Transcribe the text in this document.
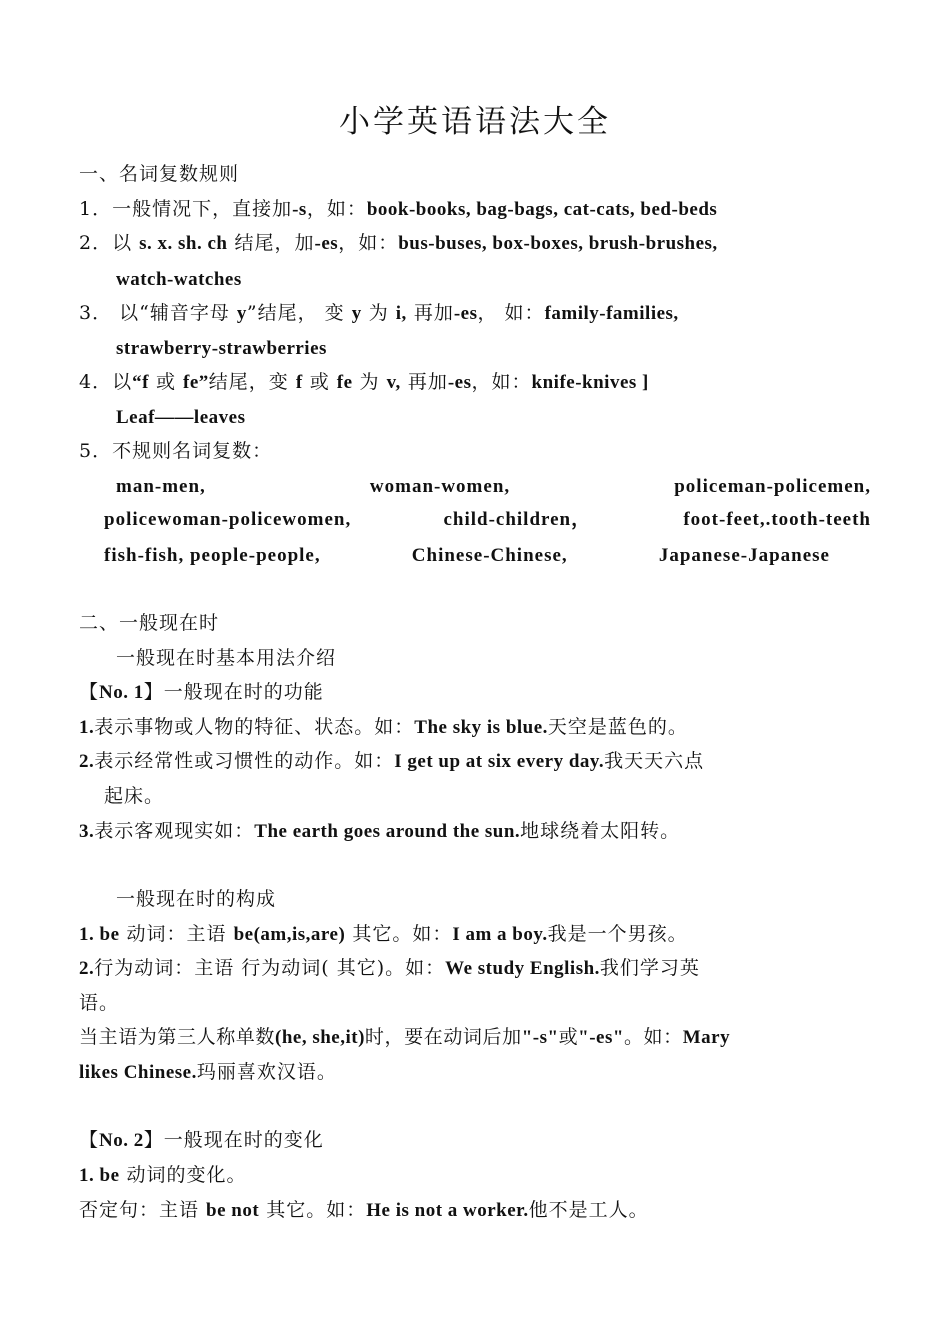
小学英语语法大全
一、名词复数规则
1．一般情况下，直接加-s，如：book-books, bag-bags, cat-cats, bed-beds
2．以 s. x. sh. ch 结尾，加-es，如：bus-buses, box-boxes, brush-brushes,
watch-watches
3． 以“辅音字母 y”结尾， 变 y 为 i, 再加-es， 如：family-families,
strawberry-strawberries
4．以“f 或 fe”结尾，变 f 或 fe 为 v, 再加-es，如：knife-knives ]
Leaf——leaves
5．不规则名词复数：
man-men,	woman-women,	policeman-policemen,
policewoman-policewomen,	child-children，	foot-feet,.tooth-teeth
fish-fish, people-people,	Chinese-Chinese,	Japanese-Japanese
二、一般现在时
一般现在时基本用法介绍
【No. 1】一般现在时的功能
1.表示事物或人物的特征、状态。如：The sky is blue.天空是蓝色的。
2.表示经常性或习惯性的动作。如：I get up at six every day.我天天六点
起床。
3.表示客观现实如：The earth goes around the sun.地球绕着太阳转。
一般现在时的构成
1. be 动词：主语 be(am,is,are) 其它。如：I am a boy.我是一个男孩。
2.行为动词：主语 行为动词( 其它)。如：We study English.我们学习英
语。
当主语为第三人称单数(he, she,it)时，要在动词后加"-s"或"-es"。如：Mary
likes Chinese.玛丽喜欢汉语。
【No. 2】一般现在时的变化
1. be 动词的变化。
否定句：主语 be not 其它。如：He is not a worker.他不是工人。
